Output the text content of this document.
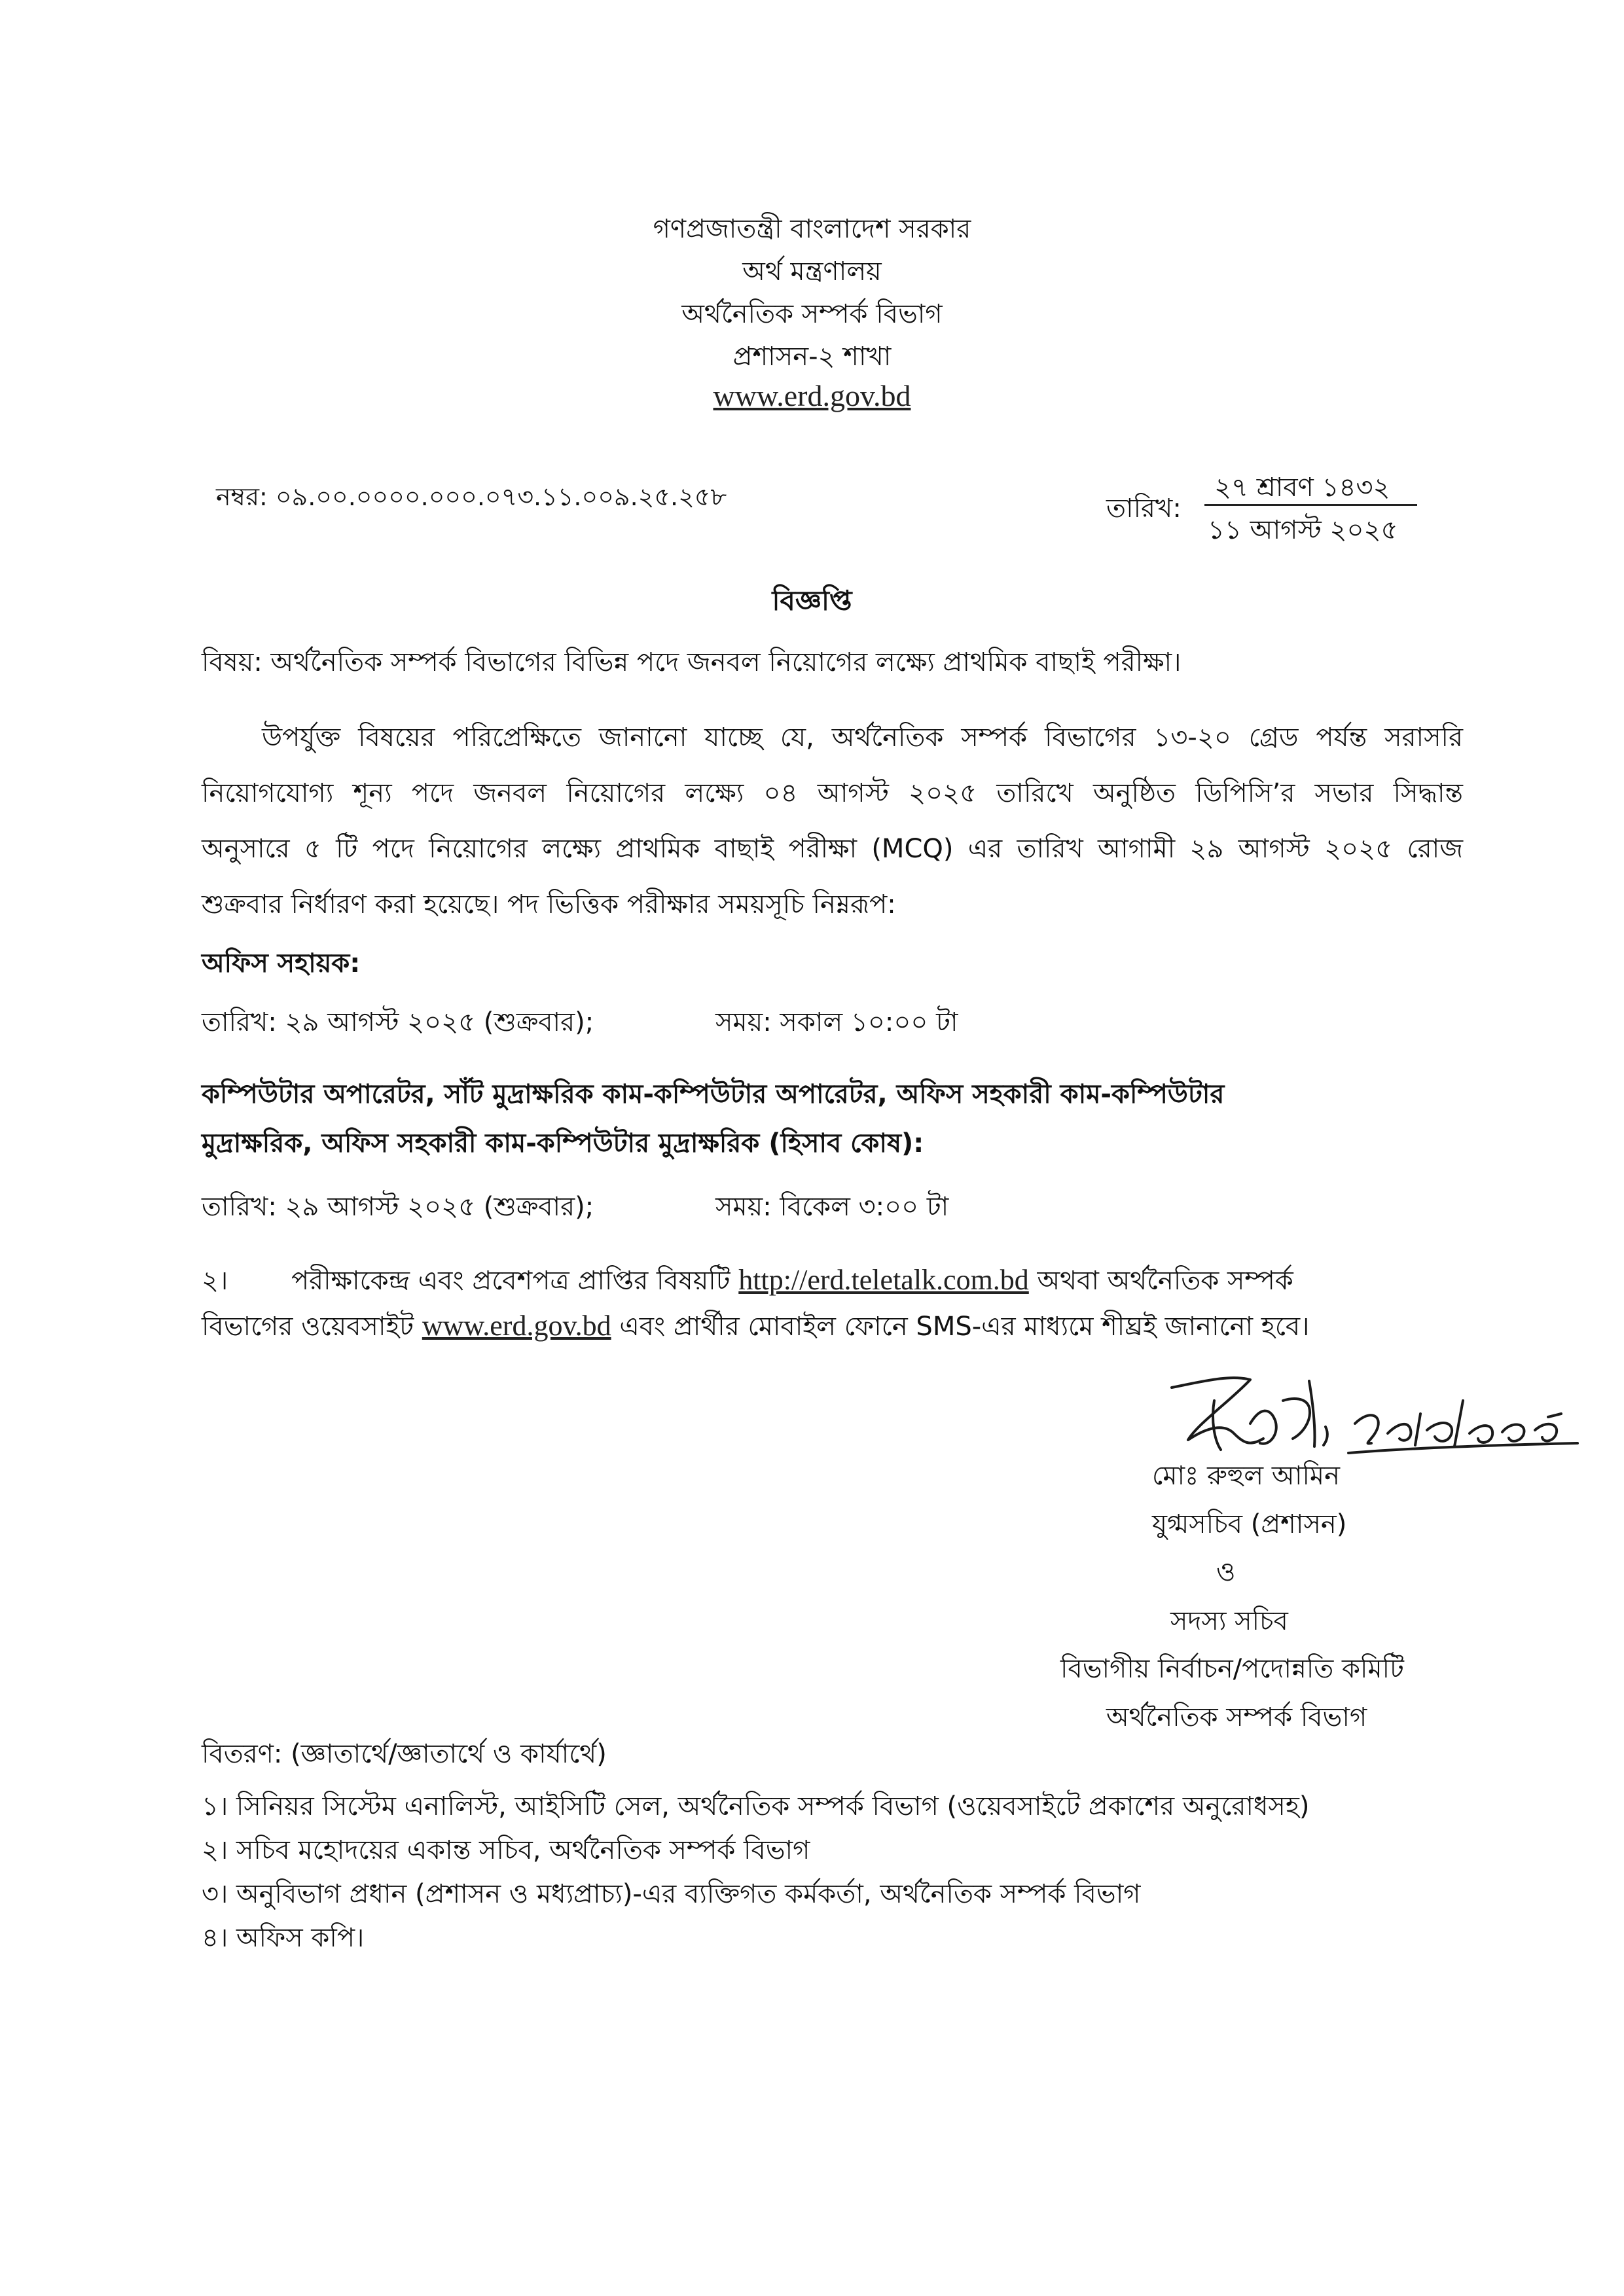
গণপ্রজাতন্ত্রী বাংলাদেশ সরকার
অর্থ মন্ত্রণালয়
অর্থনৈতিক সম্পর্ক বিভাগ
প্রশাসন-২ শাখা
www.erd.gov.bd
নম্বর: ০৯.০০.০০০০.০০০.০৭৩.১১.০০৯.২৫.২৫৮	তারিখ:
২৭ শ্রাবণ ১৪৩২
১১ আগস্ট ২০২৫
বিজ্ঞপ্তি
বিষয়: অর্থনৈতিক সম্পর্ক বিভাগের বিভিন্ন পদে জনবল নিয়োগের লক্ষ্যে প্রাথমিক বাছাই পরীক্ষা।
উপর্যুক্ত বিষয়ের পরিপ্রেক্ষিতে জানানো যাচ্ছে যে, অর্থনৈতিক সম্পর্ক বিভাগের ১৩-২০ গ্রেড পর্যন্ত সরাসরি
নিয়োগযোগ্য শূন্য পদে জনবল নিয়োগের লক্ষ্যে ০৪ আগস্ট ২০২৫ তারিখে অনুষ্ঠিত ডিপিসি’র সভার সিদ্ধান্ত
অনুসারে ৫ টি পদে নিয়োগের লক্ষ্যে প্রাথমিক বাছাই পরীক্ষা (MCQ) এর তারিখ আগামী ২৯ আগস্ট ২০২৫ রোজ
শুক্রবার নির্ধারণ করা হয়েছে। পদ ভিত্তিক পরীক্ষার সময়সূচি নিম্নরূপ:
অফিস সহায়ক:
তারিখ: ২৯ আগস্ট ২০২৫ (শুক্রবার);	সময়: সকাল ১০:০০ টা
কম্পিউটার অপারেটর, সাঁট মুদ্রাক্ষরিক কাম-কম্পিউটার অপারেটর, অফিস সহকারী কাম-কম্পিউটার
মুদ্রাক্ষরিক, অফিস সহকারী কাম-কম্পিউটার মুদ্রাক্ষরিক (হিসাব কোষ):
তারিখ: ২৯ আগস্ট ২০২৫ (শুক্রবার);	সময়: বিকেল ৩:০০ টা
২। পরীক্ষাকেন্দ্র এবং প্রবেশপত্র প্রাপ্তির বিষয়টি http://erd.teletalk.com.bd অথবা অর্থনৈতিক সম্পর্ক
বিভাগের ওয়েবসাইট www.erd.gov.bd এবং প্রার্থীর মোবাইল ফোনে SMS-এর মাধ্যমে শীঘ্রই জানানো হবে।
মোঃ রুহুল আমিন
যুগ্মসচিব (প্রশাসন)
ও
সদস্য সচিব
বিভাগীয় নির্বাচন/পদোন্নতি কমিটি
অর্থনৈতিক সম্পর্ক বিভাগ
বিতরণ: (জ্ঞাতার্থে/জ্ঞাতার্থে ও কার্যার্থে)
১। সিনিয়র সিস্টেম এনালিস্ট, আইসিটি সেল, অর্থনৈতিক সম্পর্ক বিভাগ (ওয়েবসাইটে প্রকাশের অনুরোধসহ)
২। সচিব মহোদয়ের একান্ত সচিব, অর্থনৈতিক সম্পর্ক বিভাগ
৩। অনুবিভাগ প্রধান (প্রশাসন ও মধ্যপ্রাচ্য)-এর ব্যক্তিগত কর্মকর্তা, অর্থনৈতিক সম্পর্ক বিভাগ
৪। অফিস কপি।
